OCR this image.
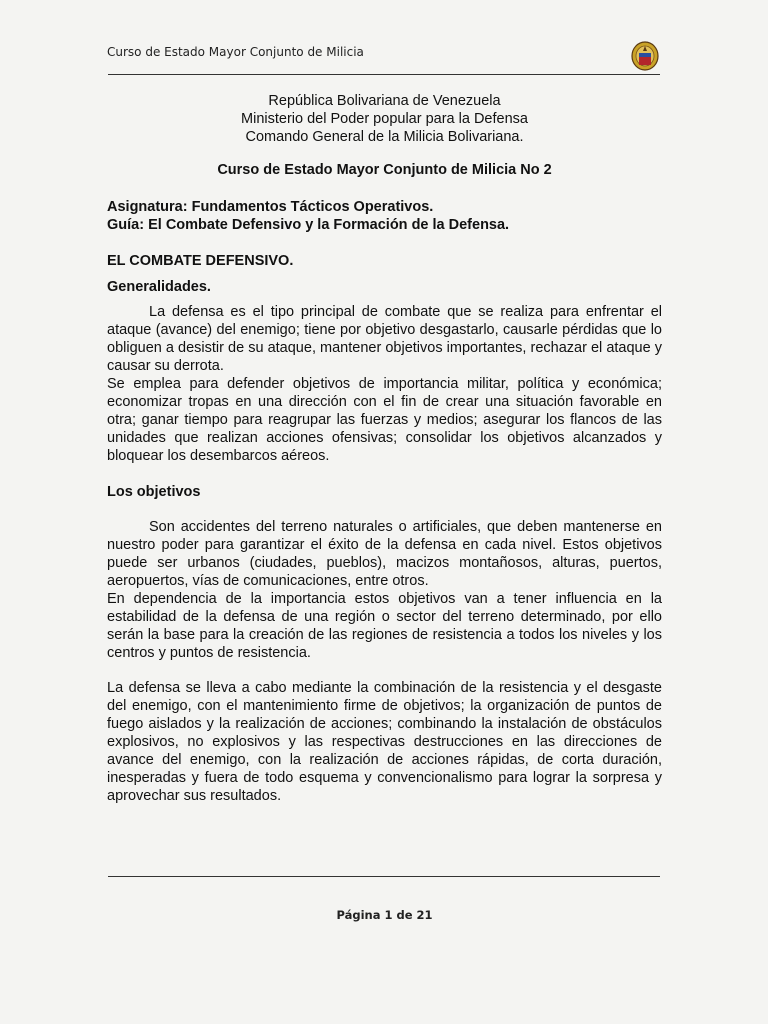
Curso de Estado Mayor Conjunto de Milicia
República Bolivariana de Venezuela
Ministerio del Poder popular para la Defensa
Comando General de la Milicia Bolivariana.
Curso de Estado Mayor Conjunto de Milicia No 2
Asignatura: Fundamentos Tácticos Operativos.
Guía: El Combate Defensivo y la Formación de la Defensa.
EL COMBATE DEFENSIVO.
Generalidades.

La defensa es el tipo principal de combate que se realiza para enfrentar el ataque (avance) del enemigo; tiene por objetivo desgastarlo, causarle pérdidas que lo obliguen a desistir de su ataque, mantener objetivos importantes, rechazar el ataque y causar su derrota.

Se emplea para defender objetivos de importancia militar, política y económica; economizar tropas en una dirección con el fin de crear una situación favorable en otra; ganar tiempo para reagrupar las fuerzas y medios; asegurar los flancos de las unidades que realizan acciones ofensivas; consolidar los objetivos alcanzados y bloquear los desembarcos aéreos.

Los objetivos

Son accidentes del terreno naturales o artificiales, que deben mantenerse en nuestro poder para garantizar el éxito de la defensa en cada nivel. Estos objetivos puede ser urbanos (ciudades, pueblos), macizos montañosos, alturas, puertos, aeropuertos, vías de comunicaciones, entre otros.

En dependencia de la importancia estos objetivos van a tener influencia en la estabilidad de la defensa de una región o sector del terreno determinado, por ello serán la base para la creación de las regiones de resistencia a todos los niveles y los centros y puntos de resistencia.

La defensa se lleva a cabo mediante la combinación de la resistencia y el desgaste del enemigo, con el mantenimiento firme de objetivos; la organización de puntos de fuego aislados y la realización de acciones; combinando la instalación de obstáculos explosivos, no explosivos y las respectivas destrucciones en las direcciones de avance del enemigo, con la realización de acciones rápidas, de corta duración, inesperadas y fuera de todo esquema y convencionalismo para lograr la sorpresa y aprovechar sus resultados.

Página 1 de 21
